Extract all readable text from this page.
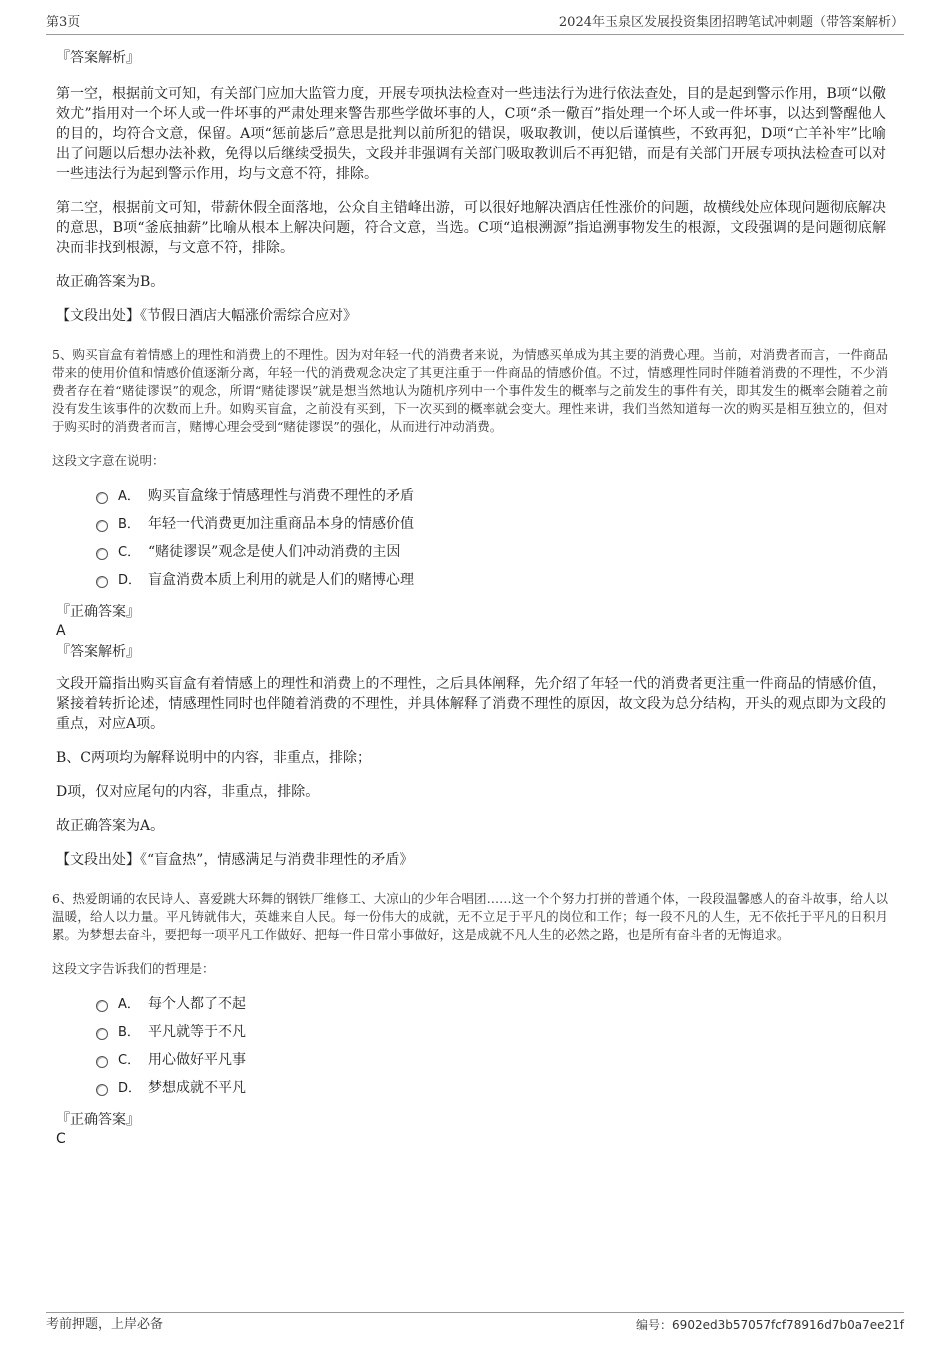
第3页	2024年玉泉区发展投资集团招聘笔试冲刺题（带答案解析）
『答案解析』

第一空，根据前文可知，有关部门应加大监管力度，开展专项执法检查对一些违法行为进行依法查处，目的是起到警示作用，B项“以儆效尤”指用对一个坏人或一件坏事的严肃处理来警告那些学做坏事的人，C项“杀一儆百”指处理一个坏人或一件坏事，以达到警醒他人的目的，均符合文意，保留。A项“惩前毖后”意思是批判以前所犯的错误，吸取教训，使以后谨慎些，不致再犯，D项“亡羊补牢”比喻出了问题以后想办法补救，免得以后继续受损失，文段并非强调有关部门吸取教训后不再犯错，而是有关部门开展专项执法检查可以对一些违法行为起到警示作用，均与文意不符，排除。

第二空，根据前文可知，带薪休假全面落地，公众自主错峰出游，可以很好地解决酒店任性涨价的问题，故横线处应体现问题彻底解决的意思，B项“釜底抽薪”比喻从根本上解决问题，符合文意，当选。C项“追根溯源”指追溯事物发生的根源，文段强调的是问题彻底解决而非找到根源，与文意不符，排除。

故正确答案为B。

【文段出处】《节假日酒店大幅涨价需综合应对》

5、购买盲盒有着情感上的理性和消费上的不理性。因为对年轻一代的消费者来说，为情感买单成为其主要的消费心理。当前，对消费者而言，一件商品带来的使用价值和情感价值逐渐分离，年轻一代的消费观念决定了其更注重于一件商品的情感价值。不过，情感理性同时伴随着消费的不理性，不少消费者存在着“赌徒谬误”的观念，所谓“赌徒谬误”就是想当然地认为随机序列中一个事件发生的概率与之前发生的事件有关，即其发生的概率会随着之前没有发生该事件的次数而上升。如购买盲盒，之前没有买到，下一次买到的概率就会变大。理性来讲，我们当然知道每一次的购买是相互独立的，但对于购买时的消费者而言，赌博心理会受到“赌徒谬误”的强化，从而进行冲动消费。

这段文字意在说明：

A． 购买盲盒缘于情感理性与消费不理性的矛盾
B． 年轻一代消费更加注重商品本身的情感价值
C． “赌徒谬误”观念是使人们冲动消费的主因
D． 盲盒消费本质上利用的就是人们的赌博心理
『正确答案』

A

『答案解析』

文段开篇指出购买盲盒有着情感上的理性和消费上的不理性，之后具体阐释，先介绍了年轻一代的消费者更注重一件商品的情感价值，紧接着转折论述，情感理性同时也伴随着消费的不理性，并具体解释了消费不理性的原因，故文段为总分结构，开头的观点即为文段的重点，对应A项。

B、C两项均为解释说明中的内容，非重点，排除；

D项，仅对应尾句的内容，非重点，排除。

故正确答案为A。

【文段出处】《“盲盒热”，情感满足与消费非理性的矛盾》

6、热爱朗诵的农民诗人、喜爱跳大环舞的钢铁厂维修工、大凉山的少年合唱团……这一个个努力打拼的普通个体，一段段温馨感人的奋斗故事，给人以温暖，给人以力量。平凡铸就伟大，英雄来自人民。每一份伟大的成就，无不立足于平凡的岗位和工作；每一段不凡的人生，无不依托于平凡的日积月累。为梦想去奋斗，要把每一项平凡工作做好、把每一件日常小事做好，这是成就不凡人生的必然之路，也是所有奋斗者的无悔追求。

这段文字告诉我们的哲理是：

A． 每个人都了不起
B． 平凡就等于不凡
C． 用心做好平凡事
D． 梦想成就不平凡
『正确答案』

C

考前押题，上岸必备	编号：6902ed3b57057fcf78916d7b0a7ee21f
